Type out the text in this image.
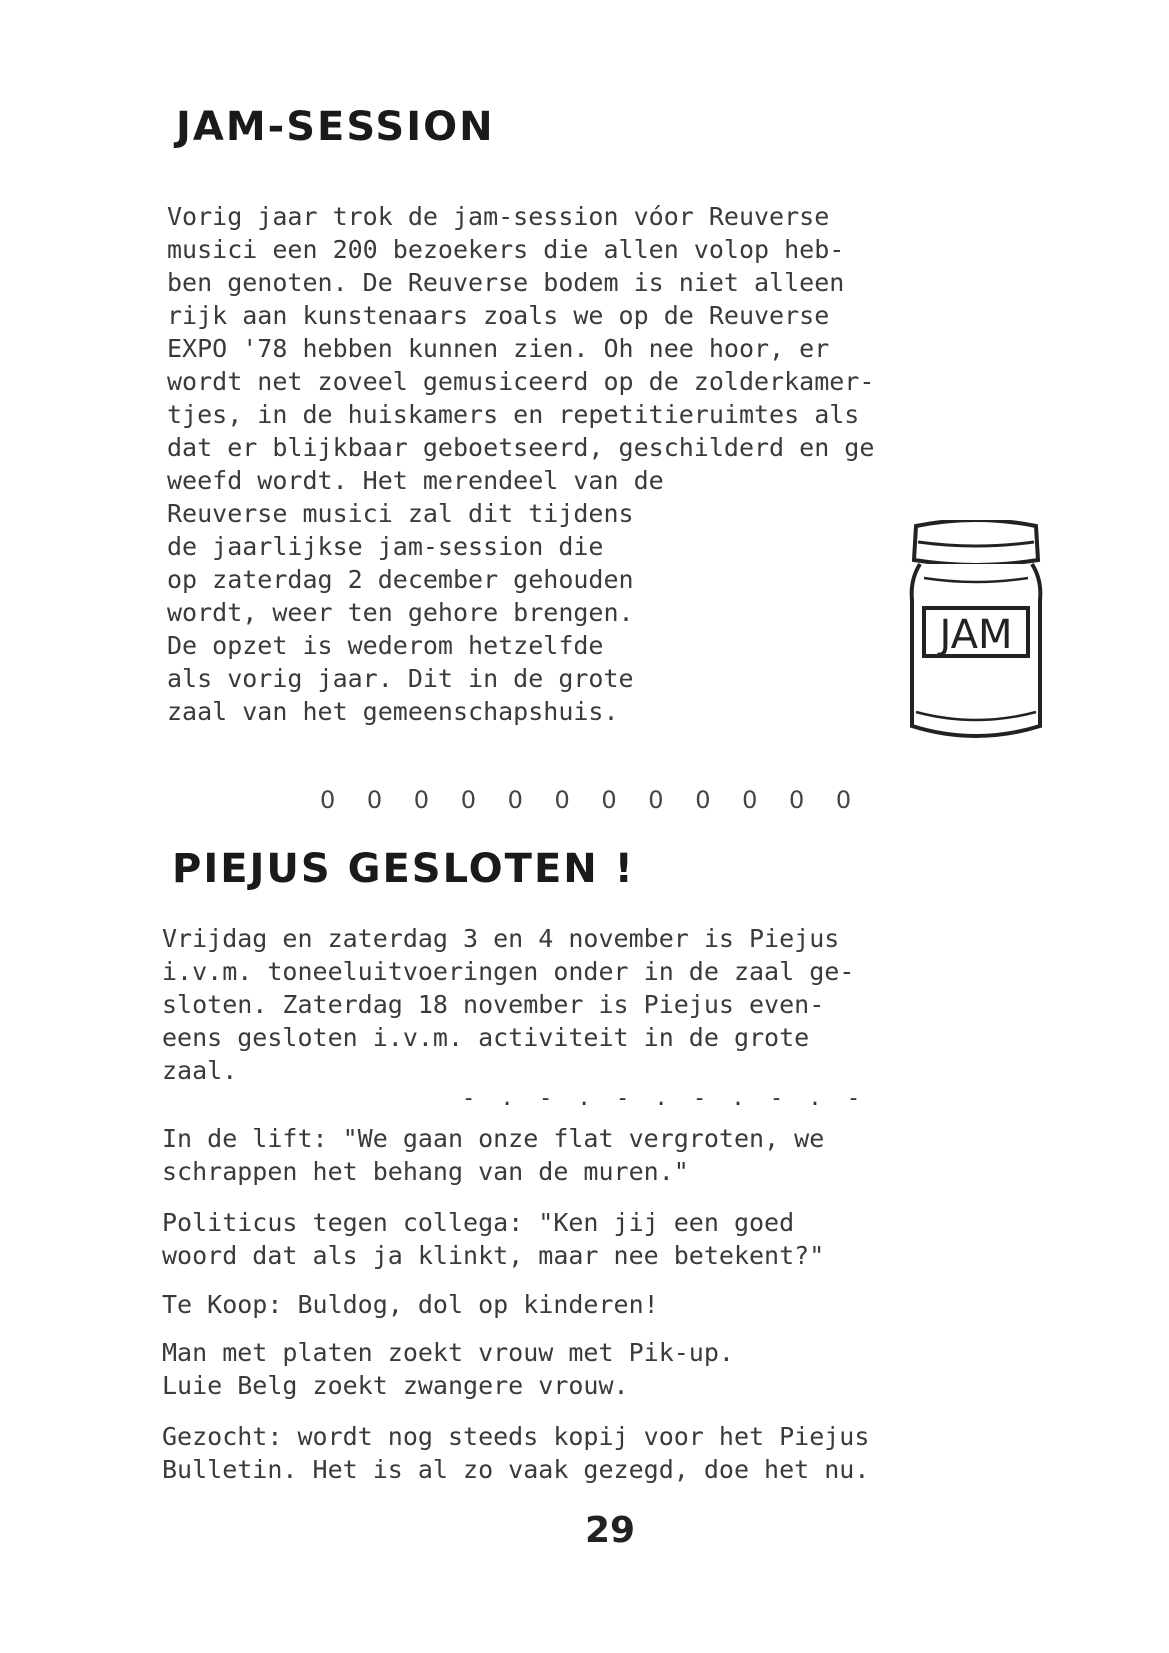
JAM-SESSION
Vorig jaar trok de jam-session vóor Reuverse
musici een 200 bezoekers die allen volop heb-
ben genoten. De Reuverse bodem is niet alleen
rijk aan kunstenaars zoals we op de Reuverse
EXPO '78 hebben kunnen zien. Oh nee hoor, er
wordt net zoveel gemusiceerd op de zolderkamer-
tjes, in de huiskamers en repetitieruimtes als
dat er blijkbaar geboetseerd, geschilderd en ge
weefd wordt. Het merendeel van de
Reuverse musici zal dit tijdens
de jaarlijkse jam-session die
op zaterdag 2 december gehouden
wordt, weer ten gehore brengen.
De opzet is wederom hetzelfde
als vorig jaar. Dit in de grote
zaal van het gemeenschapshuis.
JAM
0 0 0 0 0 0 0 0 0 0 0 0
PIEJUS GESLOTEN !
Vrijdag en zaterdag 3 en 4 november is Piejus
i.v.m. toneeluitvoeringen onder in de zaal ge-
sloten. Zaterdag 18 november is Piejus even-
eens gesloten i.v.m. activiteit in de grote
zaal.
- . - . - . - . - . -
In de lift: "We gaan onze flat vergroten, we
schrappen het behang van de muren."
Politicus tegen collega: "Ken jij een goed
woord dat als ja klinkt, maar nee betekent?"
Te Koop: Buldog, dol op kinderen!
Man met platen zoekt vrouw met Pik-up.
Luie Belg zoekt zwangere vrouw.
Gezocht: wordt nog steeds kopij voor het Piejus
Bulletin. Het is al zo vaak gezegd, doe het nu.
29
